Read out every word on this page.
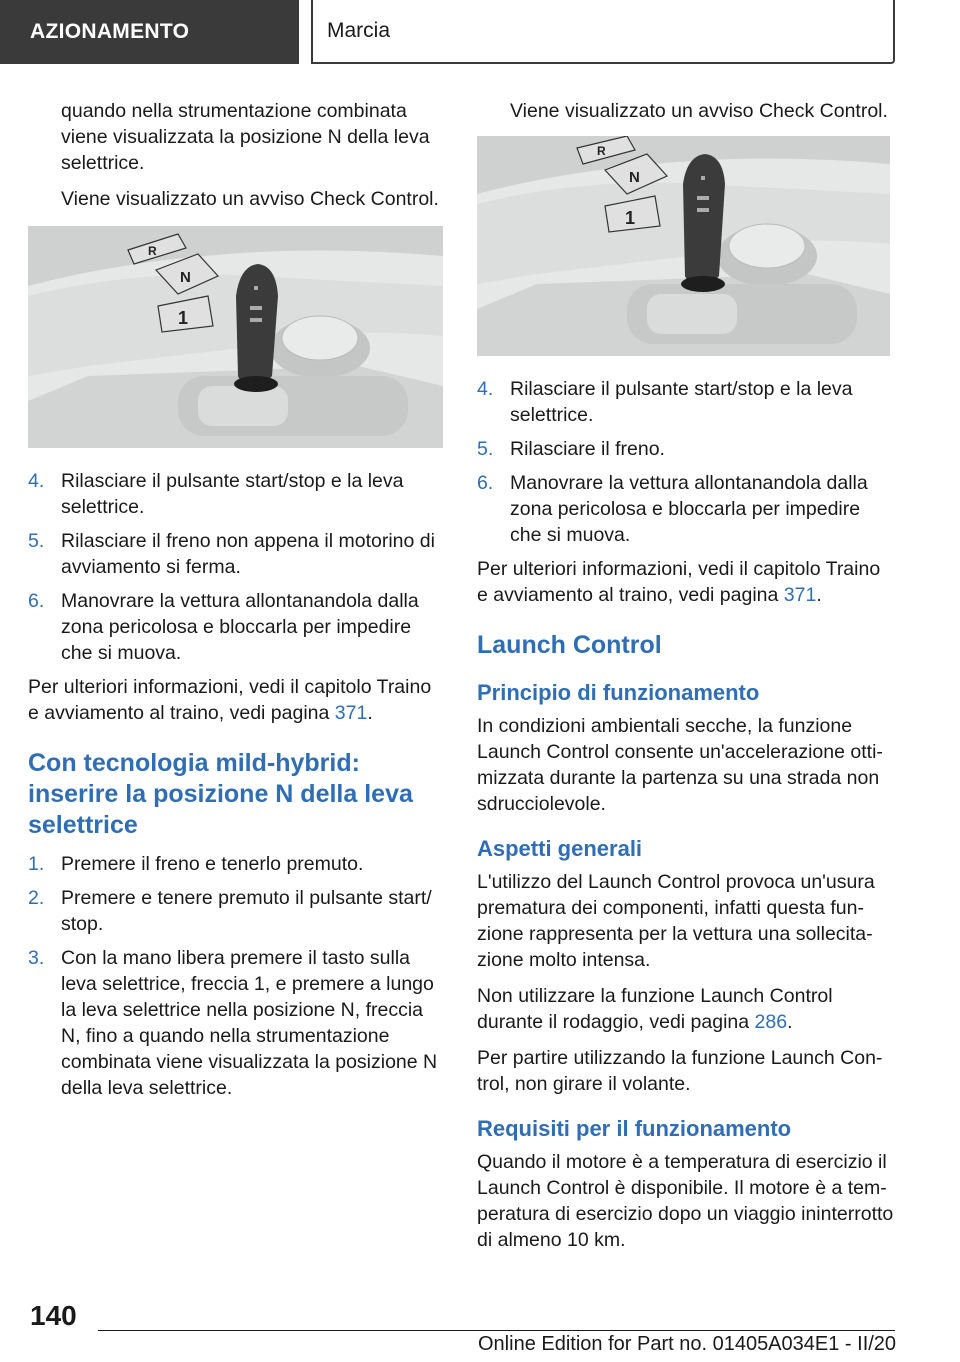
AZIONAMENTO	Marcia

quando nella strumentazione combinata viene visualizzata la posizione N della leva selettrice.

Viene visualizzato un avviso Check Control.

R
N
1
4. Rilasciare il pulsante start/stop e la leva selettrice.
5. Rilasciare il freno non appena il motorino di avviamento si ferma.
6. Manovrare la vettura allontanandola dalla zona pericolosa e bloccarla per impedire che si muova.

Per ulteriori informazioni, vedi il capitolo Traino e avviamento al traino, vedi pagina 371.

Con tecnologia mild-hybrid: inserire la posizione N della leva selettrice
1. Premere il freno e tenerlo premuto.
2. Premere e tenere premuto il pulsante start/ stop.
3. Con la mano libera premere il tasto sulla leva selettrice, freccia 1, e premere a lungo la leva selettrice nella posizione N, freccia N, fino a quando nella strumentazione combinata viene visualizzata la posizione N della leva selettrice.

Viene visualizzato un avviso Check Control.

R
N
1
4. Rilasciare il pulsante start/stop e la leva selettrice.
5. Rilasciare il freno.
6. Manovrare la vettura allontanandola dalla zona pericolosa e bloccarla per impedire che si muova.

Per ulteriori informazioni, vedi il capitolo Traino e avviamento al traino, vedi pagina 371.

Launch Control
Principio di funzionamento

In condizioni ambientali secche, la funzione Launch Control consente un'accelerazione ottimizzata durante la partenza su una strada non sdrucciolevole.

Aspetti generali

L'utilizzo del Launch Control provoca un'usura prematura dei componenti, infatti questa funzione rappresenta per la vettura una sollecitazione molto intensa.

Non utilizzare la funzione Launch Control durante il rodaggio, vedi pagina 286.

Per partire utilizzando la funzione Launch Control, non girare il volante.

Requisiti per il funzionamento

Quando il motore è a temperatura di esercizio il Launch Control è disponibile. Il motore è a temperatura di esercizio dopo un viaggio ininterrotto di almeno 10 km.

140
Online Edition for Part no. 01405A034E1 - II/20
